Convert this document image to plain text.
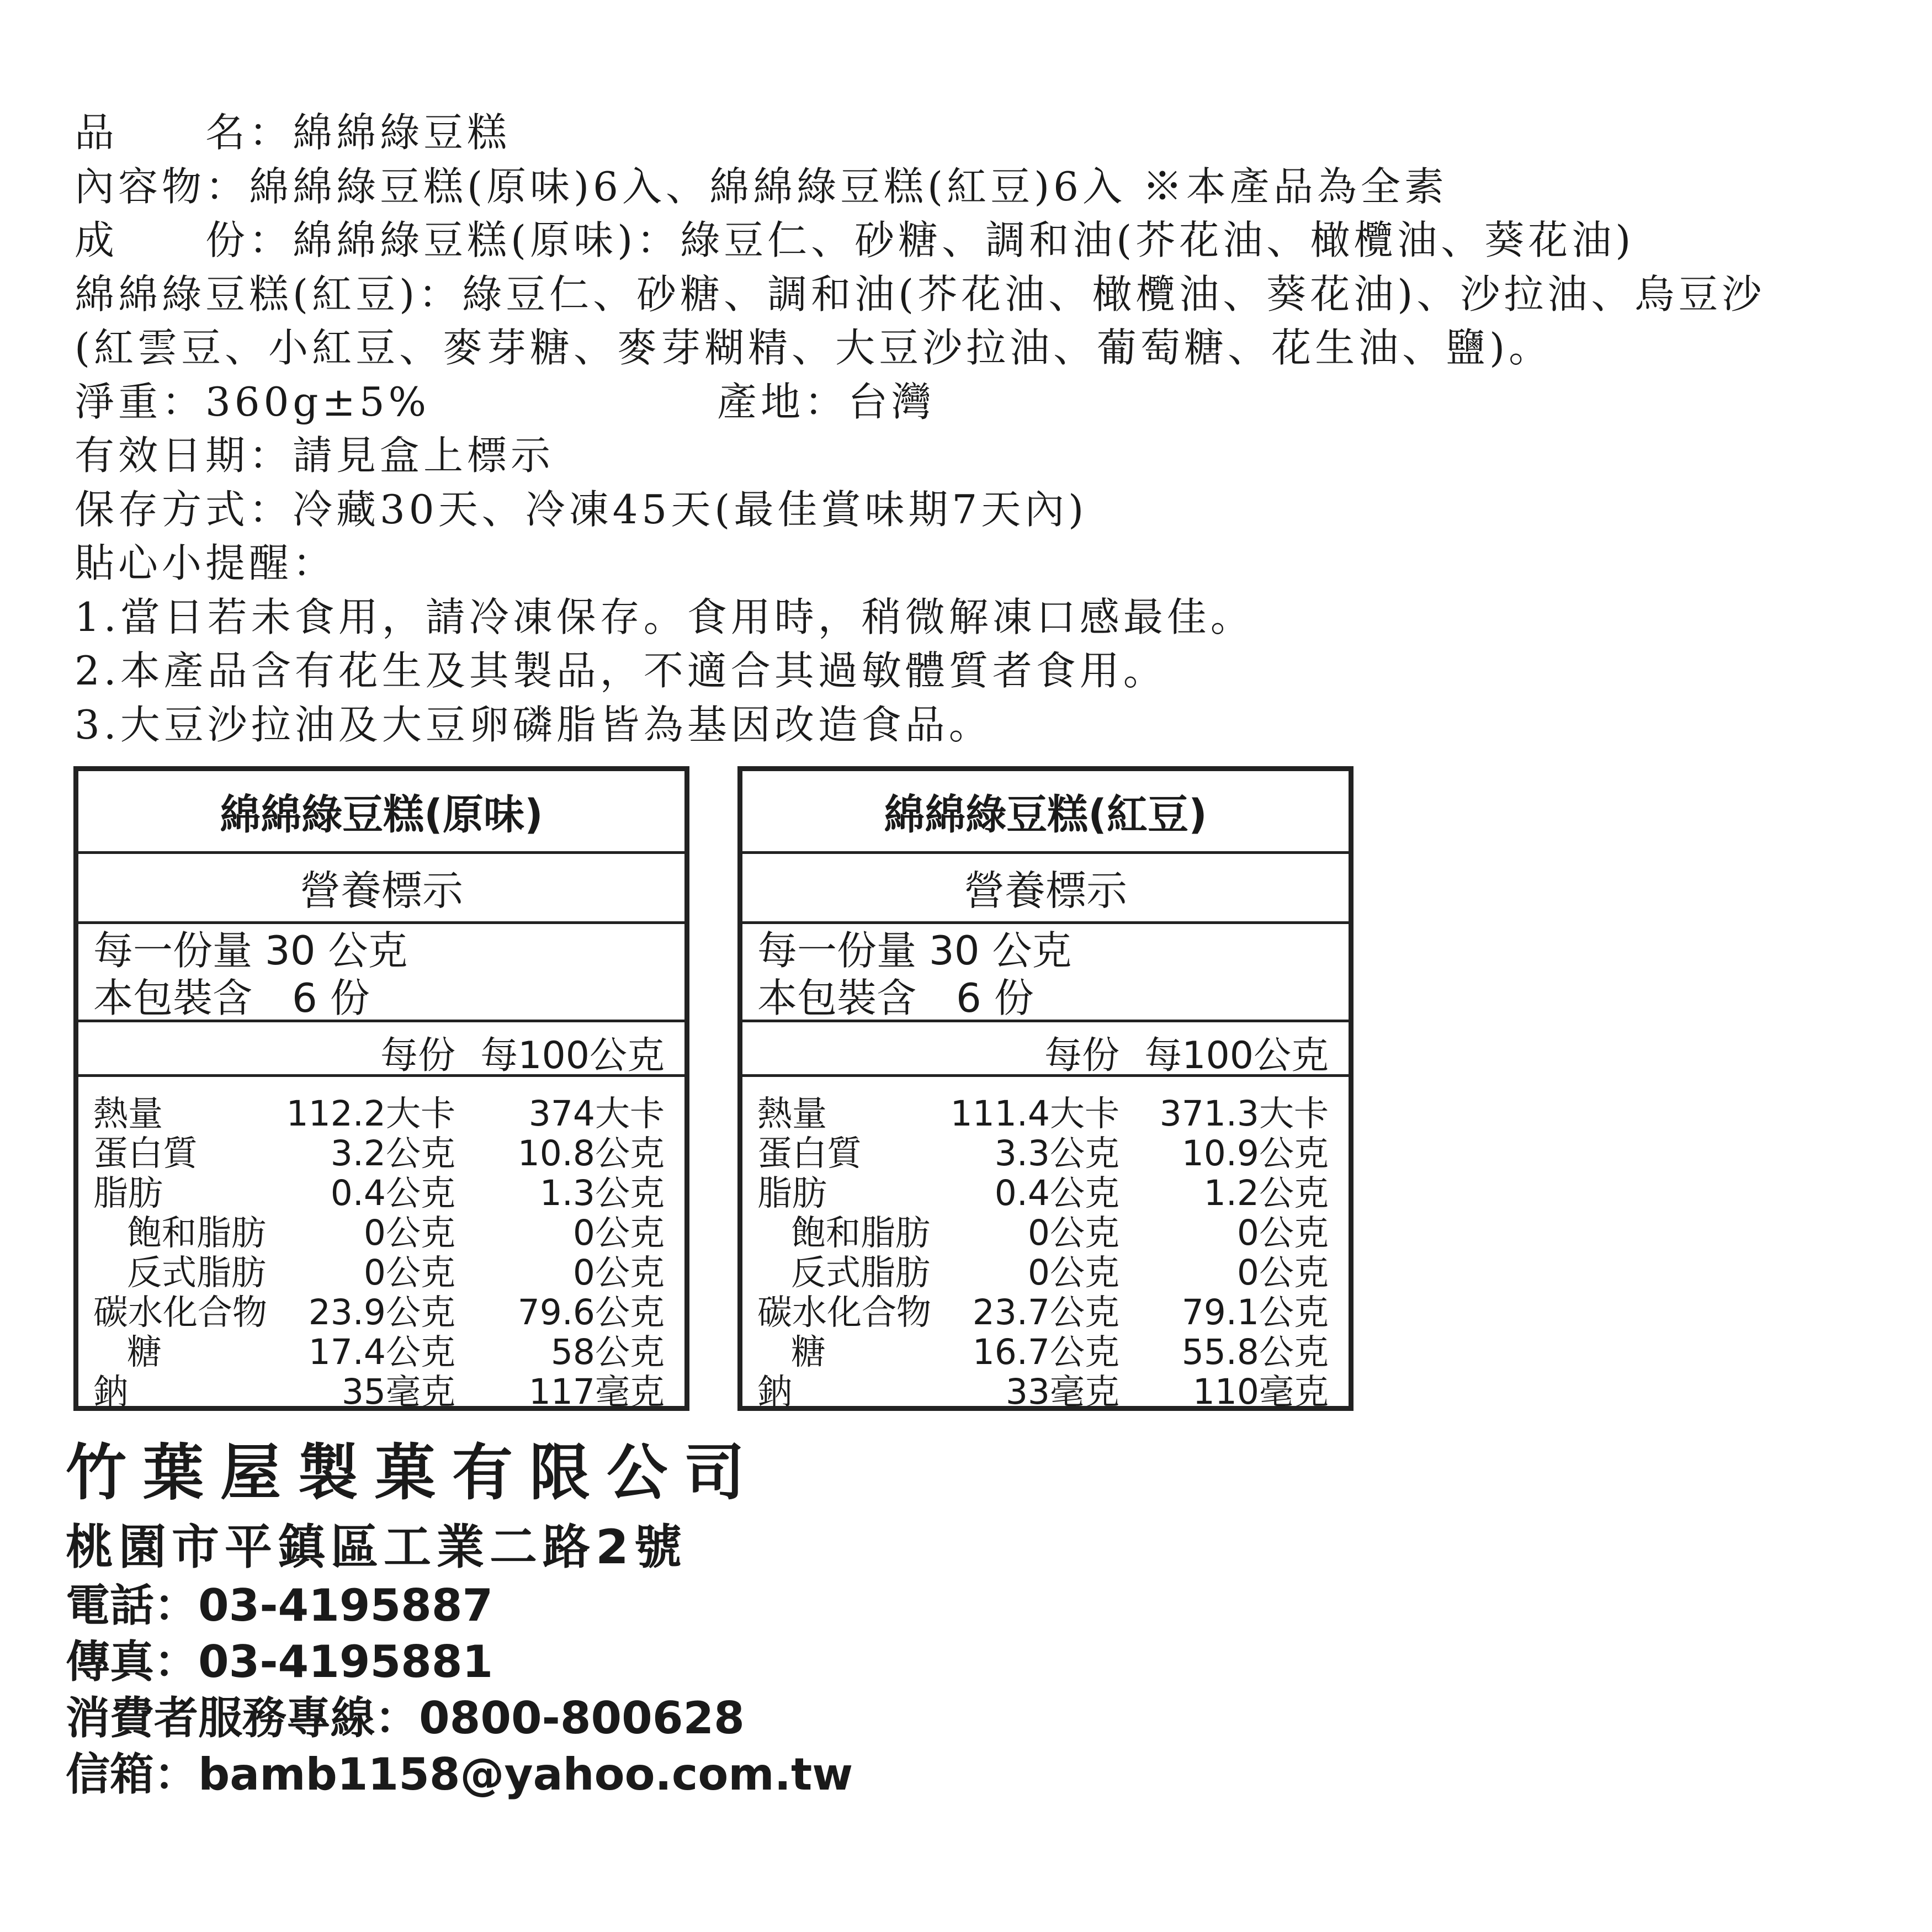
品　　名：綿綿綠豆糕
內容物：綿綿綠豆糕(原味)6入、綿綿綠豆糕(紅豆)6入 ※本產品為全素
成　　份：綿綿綠豆糕(原味)：綠豆仁、砂糖、調和油(芥花油、橄欖油、葵花油)
綿綿綠豆糕(紅豆)：綠豆仁、砂糖、調和油(芥花油、橄欖油、葵花油)、沙拉油、烏豆沙
(紅雲豆、小紅豆、麥芽糖、麥芽糊精、大豆沙拉油、葡萄糖、花生油、鹽)。
淨重：360g±5%	產地：台灣
有效日期：請見盒上標示
保存方式：冷藏30天、冷凍45天(最佳賞味期7天內)
貼心小提醒：
1.當日若未食用，請冷凍保存。食用時，稍微解凍口感最佳。
2.本產品含有花生及其製品，不適合其過敏體質者食用。
3.大豆沙拉油及大豆卵磷脂皆為基因改造食品。
綿綿綠豆糕(原味)
營養標示
每一份量 30 公克
本包裝含　6 份
每份 每100公克
熱量	112.2大卡 374大卡
蛋白質	3.2公克 10.8公克
脂肪	0.4公克 1.3公克
飽和脂肪	0公克	0公克
反式脂肪	0公克	0公克
碳水化合物 23.9公克 79.6公克
糖	17.4公克	58公克
鈉	35毫克 117毫克
綿綿綠豆糕(紅豆)
營養標示
每一份量 30 公克
本包裝含　6 份
每份 每100公克
熱量	111.4大卡 371.3大卡
蛋白質	3.3公克 10.9公克
脂肪	0.4公克 1.2公克
飽和脂肪	0公克	0公克
反式脂肪	0公克	0公克
碳水化合物 23.7公克 79.1公克
糖	16.7公克 55.8公克
鈉	33毫克 110毫克
竹葉屋製菓有限公司
桃園市平鎮區工業二路2號
電話：03-4195887
傳真：03-4195881
消費者服務專線：0800-800628
信箱：bamb1158@yahoo.com.tw
